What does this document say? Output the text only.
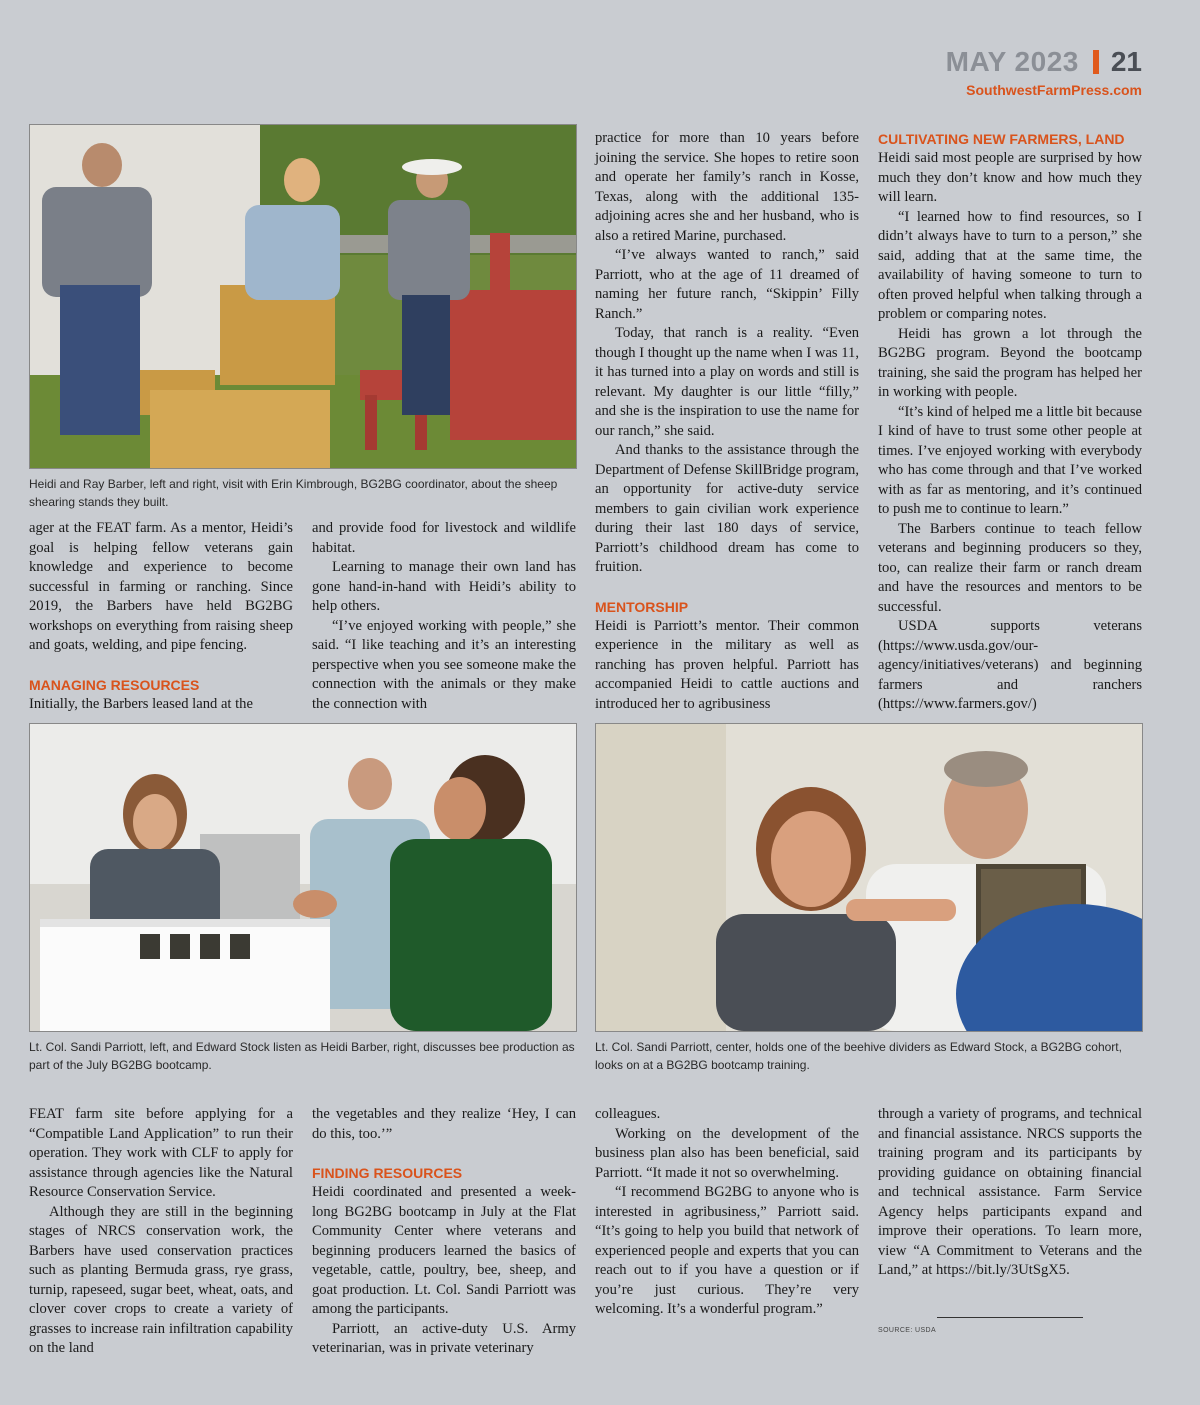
MAY 2023 21
SouthwestFarmPress.com
Heidi and Ray Barber, left and right, visit with Erin Kimbrough, BG2BG coordinator, about the sheep shearing stands they built.
Lt. Col. Sandi Parriott, left, and Edward Stock listen as Heidi Barber, right, discusses bee production as part of the July BG2BG bootcamp.
Lt. Col. Sandi Parriott, center, holds one of the beehive dividers as Edward Stock, a BG2BG cohort, looks on at a BG2BG bootcamp training.

ager at the FEAT farm. As a mentor, Heidi’s goal is helping fellow veterans gain knowledge and experience to become successful in farming or ranching. Since 2019, the Barbers have held BG2BG workshops on everything from raising sheep and goats, welding, and pipe fencing.

MANAGING RESOURCES

Initially, the Barbers leased land at the

and provide food for livestock and wildlife habitat.

Learning to manage their own land has gone hand-in-hand with Heidi’s ability to help others.

“I’ve enjoyed working with people,” she said. “I like teaching and it’s an interesting perspective when you see someone make the connection with the animals or they make the connection with

practice for more than 10 years before joining the service. She hopes to retire soon and operate her family’s ranch in Kosse, Texas, along with the additional 135-adjoining acres she and her husband, who is also a retired Marine, purchased.

“I’ve always wanted to ranch,” said Parriott, who at the age of 11 dreamed of naming her future ranch, “Skippin’ Filly Ranch.”

Today, that ranch is a reality. “Even though I thought up the name when I was 11, it has turned into a play on words and still is relevant. My daughter is our little “filly,” and she is the inspiration to use the name for our ranch,” she said.

And thanks to the assistance through the Department of Defense SkillBridge program, an opportunity for active-duty service members to gain civilian work experience during their last 180 days of service, Parriott’s childhood dream has come to fruition.

MENTORSHIP

Heidi is Parriott’s mentor. Their common experience in the military as well as ranching has proven helpful. Parriott has accompanied Heidi to cattle auctions and introduced her to agribusiness

CULTIVATING NEW FARMERS, LAND

Heidi said most people are surprised by how much they don’t know and how much they will learn.

“I learned how to find resources, so I didn’t always have to turn to a person,” she said, adding that at the same time, the availability of having someone to turn to often proved helpful when talking through a problem or comparing notes.

Heidi has grown a lot through the BG2BG program. Beyond the bootcamp training, she said the program has helped her in working with people.

“It’s kind of helped me a little bit because I kind of have to trust some other people at times. I’ve enjoyed working with everybody who has come through and that I’ve worked with as far as mentoring, and it’s continued to push me to continue to learn.”

The Barbers continue to teach fellow veterans and beginning producers so they, too, can realize their farm or ranch dream and have the resources and mentors to be successful.

USDA supports veterans (https://www.usda.gov/our-agency/initiatives/veterans) and beginning farmers and ranchers (https://www.farmers.gov/)

FEAT farm site before applying for a “Compatible Land Application” to run their operation. They work with CLF to apply for assistance through agencies like the Natural Resource Conservation Service.

Although they are still in the beginning stages of NRCS conservation work, the Barbers have used conservation practices such as planting Bermuda grass, rye grass, turnip, rapeseed, sugar beet, wheat, oats, and clover cover crops to create a variety of grasses to increase rain infiltration capability on the land

the vegetables and they realize ‘Hey, I can do this, too.’”

FINDING RESOURCES

Heidi coordinated and presented a week-long BG2BG bootcamp in July at the Flat Community Center where veterans and beginning producers learned the basics of vegetable, cattle, poultry, bee, sheep, and goat production. Lt. Col. Sandi Parriott was among the participants.

Parriott, an active-duty U.S. Army veterinarian, was in private veterinary

colleagues.

Working on the development of the business plan also has been beneficial, said Parriott. “It made it not so overwhelming.

“I recommend BG2BG to anyone who is interested in agribusiness,” Parriott said. “It’s going to help you build that network of experienced people and experts that you can reach out to if you have a question or if you’re just curious. They’re very welcoming. It’s a wonderful program.”

through a variety of programs, and technical and financial assistance. NRCS supports the training program and its participants by providing guidance on obtaining financial and technical assistance. Farm Service Agency helps participants expand and improve their operations. To learn more, view “A Commitment to Veterans and the Land,” at https://bit.ly/3UtSgX5.

SOURCE: USDA
